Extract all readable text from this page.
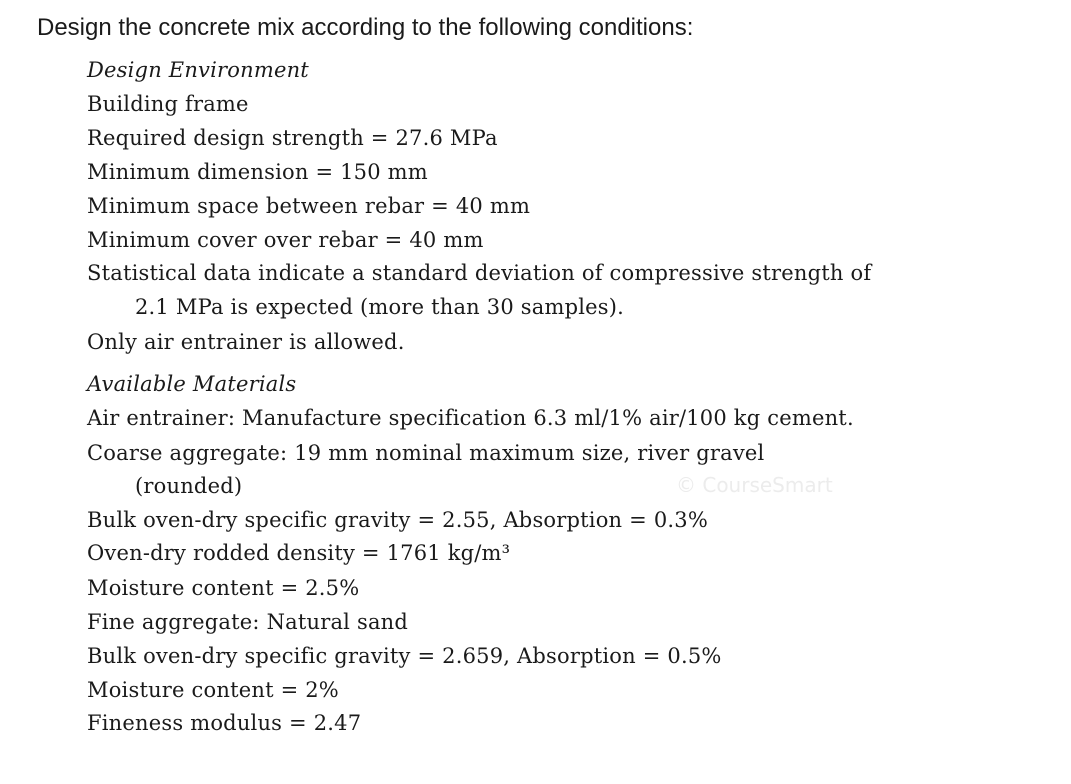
Design the concrete mix according to the following conditions:
Design Environment
Building frame
Required design strength = 27.6 MPa
Minimum dimension = 150 mm
Minimum space between rebar = 40 mm
Minimum cover over rebar = 40 mm
Statistical data indicate a standard deviation of compressive strength of
2.1 MPa is expected (more than 30 samples).
Only air entrainer is allowed.
Available Materials
Air entrainer: Manufacture specification 6.3 ml/1% air/100 kg cement.
Coarse aggregate: 19 mm nominal maximum size, river gravel
(rounded)
Bulk oven-dry specific gravity = 2.55, Absorption = 0.3%
Oven-dry rodded density = 1761 kg/m³
Moisture content = 2.5%
Fine aggregate: Natural sand
Bulk oven-dry specific gravity = 2.659, Absorption = 0.5%
Moisture content = 2%
Fineness modulus = 2.47
© CourseSmart
